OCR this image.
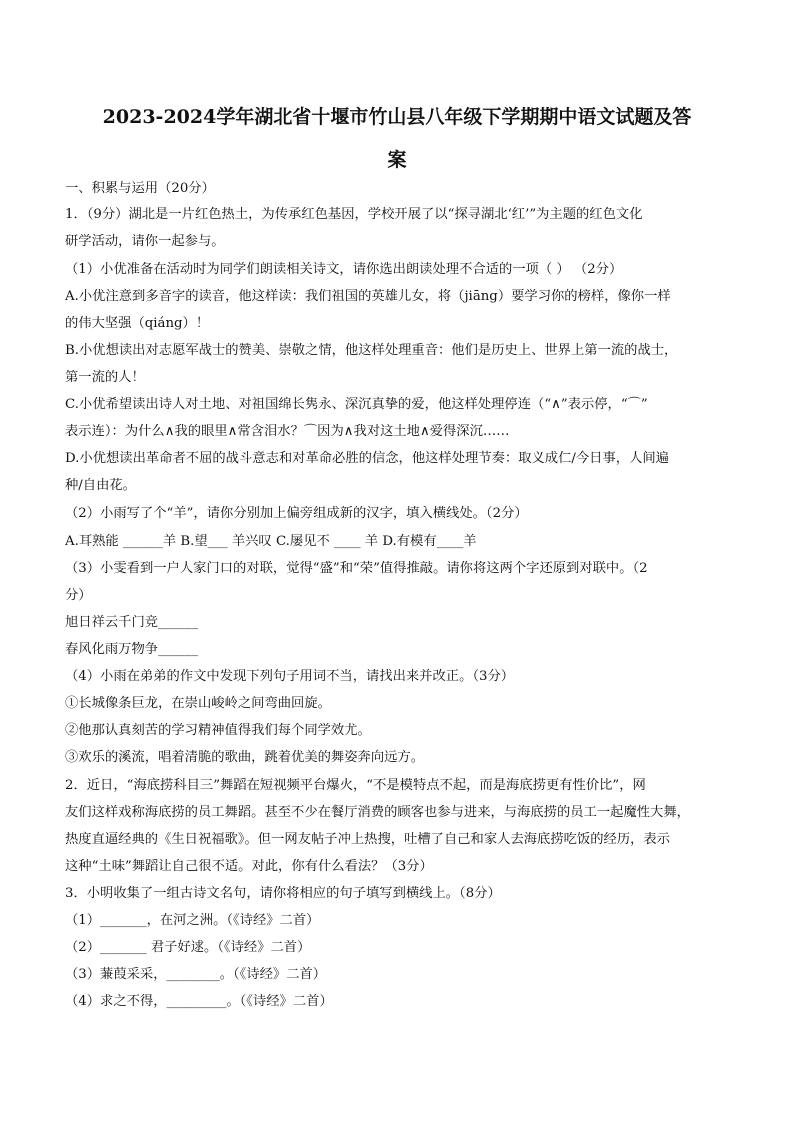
2023-2024学年湖北省十堰市竹山县八年级下学期期中语文试题及答
案
一、积累与运用（20分）
1．（9分）湖北是一片红色热土，为传承红色基因，学校开展了以“探寻湖北‘红’”为主题的红色文化
研学活动，请你一起参与。
（1）小优准备在活动时为同学们朗读相关诗文，请你选出朗读处理不合适的一项（ ） （2分）
A.小优注意到多音字的读音，他这样读：我们祖国的英雄儿女，将（jiāng）要学习你的榜样，像你一样
的伟大坚强（qiáng）！
B.小优想读出对志愿军战士的赞美、崇敬之情，他这样处理重音：他们是历史上、世界上第一流的战士，
第一流的人！
C.小优希望读出诗人对土地、对祖国绵长隽永、深沉真挚的爱，他这样处理停连（“∧”表示停，“⌒”
表示连）：为什么∧我的眼里∧常含泪水？⌒因为∧我对这土地∧爱得深沉……
D.小优想读出革命者不屈的战斗意志和对革命必胜的信念，他这样处理节奏：取义成仁/今日事，人间遍
种/自由花。
（2）小雨写了个“羊”，请你分别加上偏旁组成新的汉字，填入横线处。（2分）
A.耳熟能 ______羊 B.望___ 羊兴叹 C.屡见不 ____ 羊 D.有模有____羊
（3）小雯看到一户人家门口的对联，觉得“盛”和“荣”值得推敲。请你将这两个字还原到对联中。（2
分）
旭日祥云千门竞______
春风化雨万物争______
（4）小雨在弟弟的作文中发现下列句子用词不当，请找出来并改正。（3分）
①长城像条巨龙，在崇山峻岭之间弯曲回旋。
②他那认真刻苦的学习精神值得我们每个同学效尤。
③欢乐的溪流，唱着清脆的歌曲，跳着优美的舞姿奔向远方。
2．近日，“海底捞科目三”舞蹈在短视频平台爆火，“不是模特点不起，而是海底捞更有性价比”，网
友们这样戏称海底捞的员工舞蹈。甚至不少在餐厅消费的顾客也参与进来，与海底捞的员工一起魔性大舞，
热度直逼经典的《生日祝福歌》。但一网友帖子冲上热搜，吐槽了自己和家人去海底捞吃饭的经历，表示
这种“土味”舞蹈让自己很不适。对此，你有什么看法？（3分）
3．小明收集了一组古诗文名句，请你将相应的句子填写到横线上。（8分）
（1）_______，在河之洲。（《诗经》二首）
（2）_______ 君子好逑。（《诗经》二首）
（3）蒹葭采采，________。（《诗经》二首）
（4）求之不得，_________。（《诗经》二首）
